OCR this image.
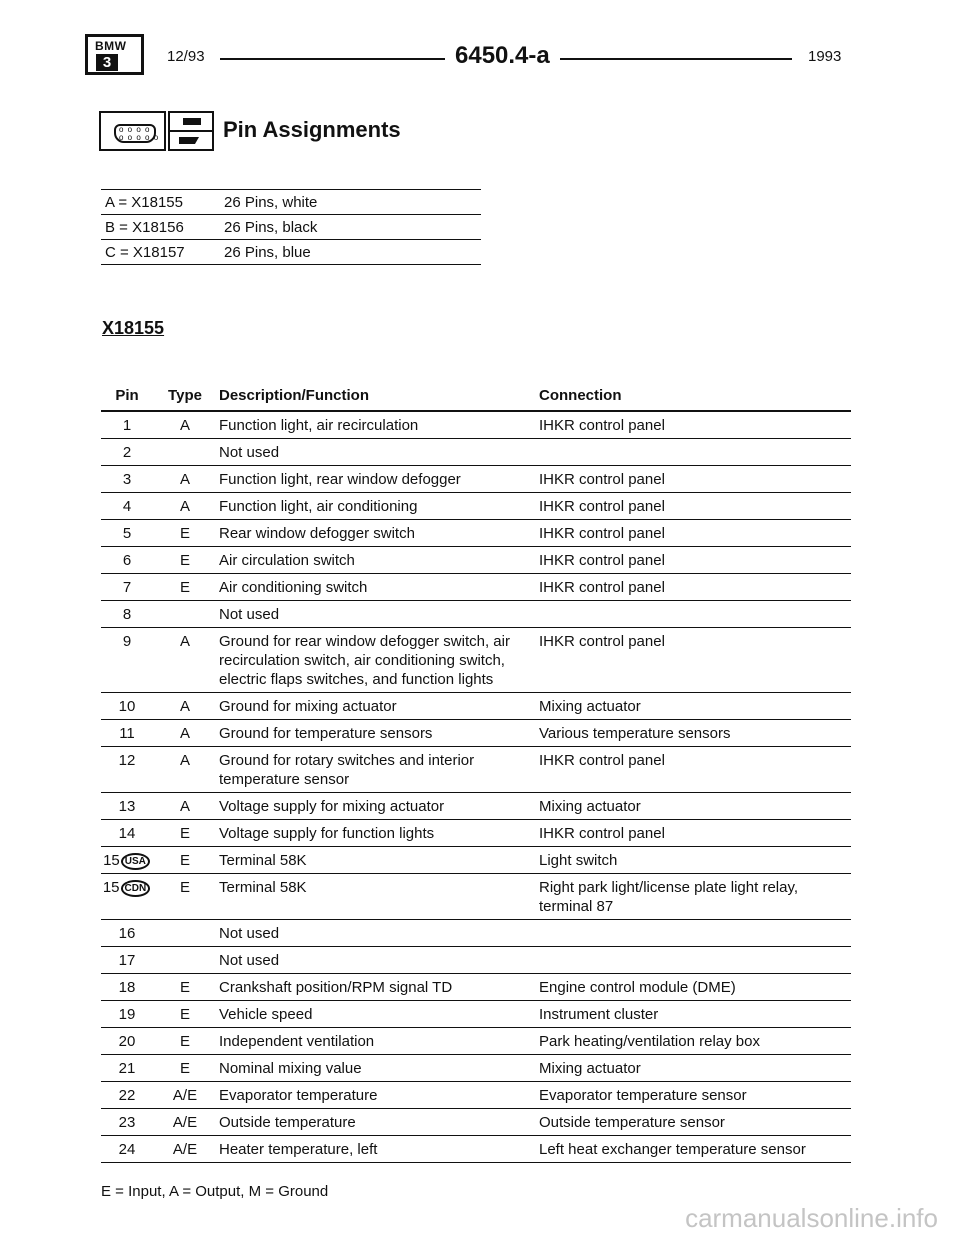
BMW
3	12/93	6450.4-a	1993
o o o o
o o o o o	Pin Assignments
A = X18155	26 Pins, white
B = X18156	26 Pins, black
C = X18157	26 Pins, blue
X18155
Pin	Type	Description/Function	Connection
1	A	Function light, air recirculation	IHKR control panel
2		Not used	
3	A	Function light, rear window defogger	IHKR control panel
4	A	Function light, air conditioning	IHKR control panel
5	E	Rear window defogger switch	IHKR control panel
6	E	Air circulation switch	IHKR control panel
7	E	Air conditioning switch	IHKR control panel
8		Not used	
9	A	Ground for rear window defogger switch, air recirculation switch, air conditioning switch, electric flaps switches, and function lights	IHKR control panel
10	A	Ground for mixing actuator	Mixing actuator
11	A	Ground for temperature sensors	Various temperature sensors
12	A	Ground for rotary switches and interior temperature sensor	IHKR control panel
13	A	Voltage supply for mixing actuator	Mixing actuator
14	E	Voltage supply for function lights	IHKR control panel
15 USA	E	Terminal 58K	Light switch
15 CDN	E	Terminal 58K	Right park light/license plate light relay, terminal 87
16		Not used	
17		Not used	
18	E	Crankshaft position/RPM signal TD	Engine control module (DME)
19	E	Vehicle speed	Instrument cluster
20	E	Independent ventilation	Park heating/ventilation relay box
21	E	Nominal mixing value	Mixing actuator
22	A/E	Evaporator temperature	Evaporator temperature sensor
23	A/E	Outside temperature	Outside temperature sensor
24	A/E	Heater temperature, left	Left heat exchanger temperature sensor
E = Input, A = Output, M = Ground
carmanualsonline.info
